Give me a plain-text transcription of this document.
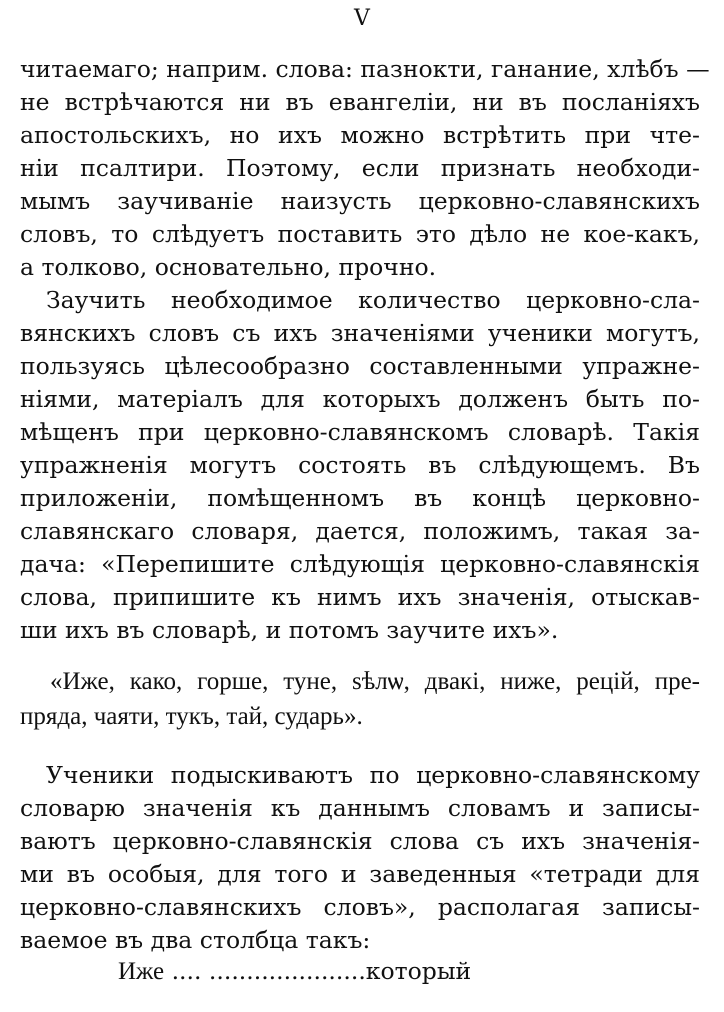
V
читаемаго; наприм. слова: пазнокти, ганание, хлѣбъ —
не встрѣчаются ни въ евангеліи, ни въ посланіяхъ
апостольскихъ, но ихъ можно встрѣтить при чте-
ніи псалтири. Поэтому, если признать необходи-
мымъ заучиваніе наизусть церковно-славянскихъ
словъ, то слѣдуетъ поставить это дѣло не кое-какъ,
а толково, основательно, прочно.
Заучить необходимое количество церковно-сла-
вянскихъ словъ съ ихъ значеніями ученики могутъ,
пользуясь цѣлесообразно составленными упражне-
ніями, матеріалъ для которыхъ долженъ быть по-
мѣщенъ при церковно-славянскомъ словарѣ. Такія
упражненія могутъ состоять въ слѣдующемъ. Въ
приложеніи, помѣщенномъ въ концѣ церковно-
славянскаго словаря, дается, положимъ, такая за-
дача: «Перепишите слѣдующія церковно-славянскія
слова, припишите къ нимъ ихъ значенія, отыскав-
ши ихъ въ словарѣ, и потомъ заучите ихъ».
«Иже, како, горше, туне, ѕѣлѡ, двакі, ниже, рецій, пре-
пряда, чаяти, тукъ, тай, сударь».
Ученики подыскиваютъ по церковно-славянскому
словарю значенія къ даннымъ словамъ и записы-
ваютъ церковно-славянскія слова съ ихъ значенія-
ми въ особыя, для того и заведенныя «тетради для
церковно-славянскихъ словъ», располагая записы-
ваемое въ два столбца такъ:
Иже .... .....................который
